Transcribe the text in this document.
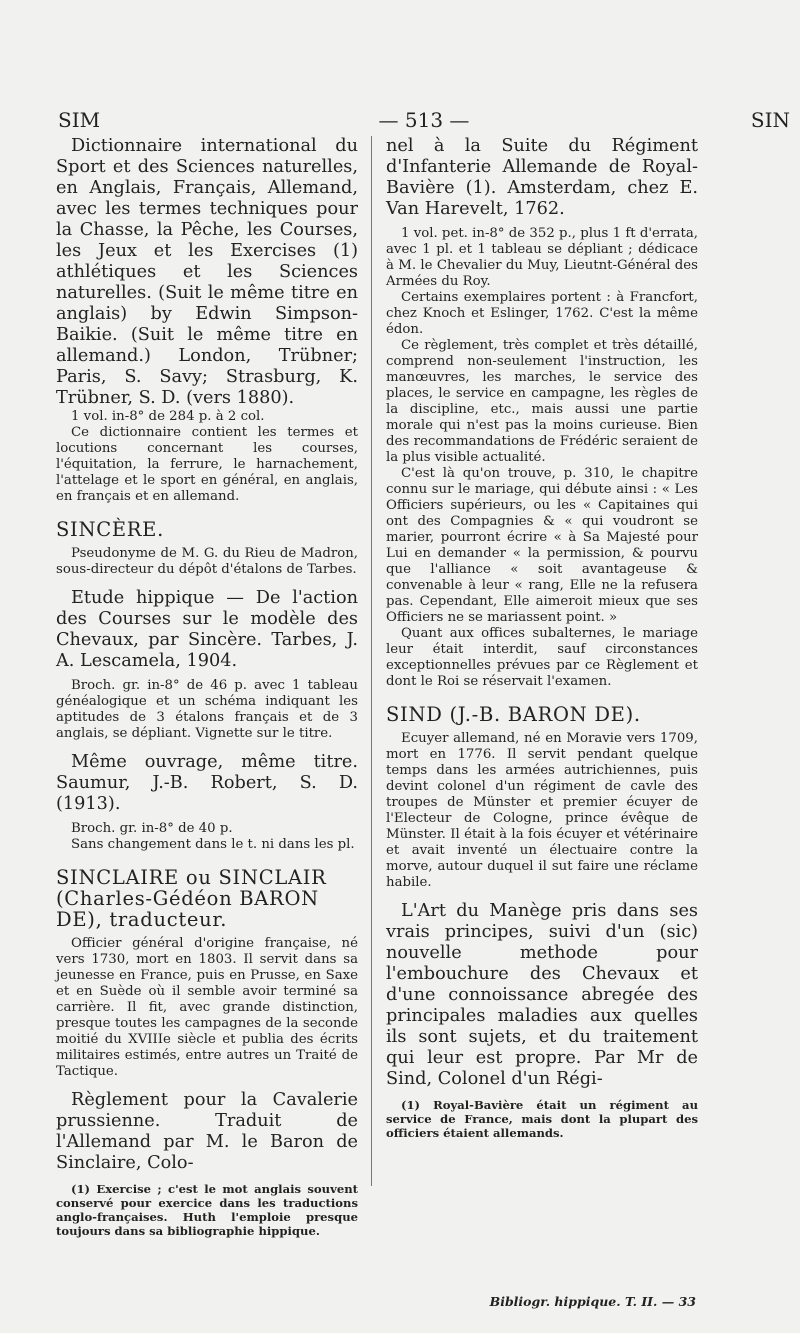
SIM	— 513 —	SIN

Dictionnaire international du Sport et des Sciences naturelles, en Anglais, Français, Allemand, avec les termes techniques pour la Chasse, la Pêche, les Courses, les Jeux et les Exercises (1) athlétiques et les Sciences naturelles. (Suit le même titre en anglais) by Edwin Simpson-Baikie. (Suit le même titre en allemand.) London, Trübner; Paris, S. Savy; Strasburg, K. Trübner, S. D. (vers 1880).

1 vol. in-8° de 284 p. à 2 col.

Ce dictionnaire contient les termes et locutions concernant les courses, l'équitation, la ferrure, le harnachement, l'attelage et le sport en général, en anglais, en français et en allemand.

SINCÈRE.

Pseudonyme de M. G. du Rieu de Madron, sous-directeur du dépôt d'étalons de Tarbes.

Etude hippique — De l'action des Courses sur le modèle des Chevaux, par Sincère. Tarbes, J. A. Lescamela, 1904.

Broch. gr. in-8° de 46 p. avec 1 tableau généalogique et un schéma indiquant les aptitudes de 3 étalons français et de 3 anglais, se dépliant. Vignette sur le titre.

Même ouvrage, même titre. Saumur, J.-B. Robert, S. D. (1913).

Broch. gr. in-8° de 40 p.

Sans changement dans le t. ni dans les pl.

SINCLAIRE ou SINCLAIR (Charles-Gédéon BARON DE), traducteur.

Officier général d'origine française, né vers 1730, mort en 1803. Il servit dans sa jeunesse en France, puis en Prusse, en Saxe et en Suède où il semble avoir terminé sa carrière. Il fit, avec grande distinction, presque toutes les campagnes de la seconde moitié du XVIIIe siècle et publia des écrits militaires estimés, entre autres un Traité de Tactique.

Règlement pour la Cavalerie prussienne. Traduit de l'Allemand par M. le Baron de Sinclaire, Colo-

(1) Exercise ; c'est le mot anglais souvent conservé pour exercice dans les traductions anglo-françaises. Huth l'emploie presque toujours dans sa bibliographie hippique.

nel à la Suite du Régiment d'Infanterie Allemande de Royal-Bavière (1). Amsterdam, chez E. Van Harevelt, 1762.

1 vol. pet. in-8° de 352 p., plus 1 ft d'errata, avec 1 pl. et 1 tableau se dépliant ; dédicace à M. le Chevalier du Muy, Lieutnt-Général des Armées du Roy.

Certains exemplaires portent : à Francfort, chez Knoch et Eslinger, 1762. C'est la même édon.

Ce règlement, très complet et très détaillé, comprend non-seulement l'instruction, les manœuvres, les marches, le service des places, le service en campagne, les règles de la discipline, etc., mais aussi une partie morale qui n'est pas la moins curieuse. Bien des recommandations de Frédéric seraient de la plus visible actualité.

C'est là qu'on trouve, p. 310, le chapitre connu sur le mariage, qui débute ainsi : « Les Officiers supérieurs, ou les « Capitaines qui ont des Compagnies & « qui voudront se marier, pourront écrire « à Sa Majesté pour Lui en demander « la permission, & pourvu que l'alliance « soit avantageuse & convenable à leur « rang, Elle ne la refusera pas. Cependant, Elle aimeroit mieux que ses Officiers ne se mariassent point. »

Quant aux offices subalternes, le mariage leur était interdit, sauf circonstances exceptionnelles prévues par ce Règlement et dont le Roi se réservait l'examen.

SIND (J.-B. BARON DE).

Ecuyer allemand, né en Moravie vers 1709, mort en 1776. Il servit pendant quelque temps dans les armées autrichiennes, puis devint colonel d'un régiment de cavle des troupes de Münster et premier écuyer de l'Electeur de Cologne, prince évêque de Münster. Il était à la fois écuyer et vétérinaire et avait inventé un électuaire contre la morve, autour duquel il sut faire une réclame habile.

L'Art du Manège pris dans ses vrais principes, suivi d'un (sic) nouvelle methode pour l'embouchure des Chevaux et d'une connoissance abregée des principales maladies aux quelles ils sont sujets, et du traitement qui leur est propre. Par Mr de Sind, Colonel d'un Régi-

(1) Royal-Bavière était un régiment au service de France, mais dont la plupart des officiers étaient allemands.

Bibliogr. hippique. T. II. — 33
